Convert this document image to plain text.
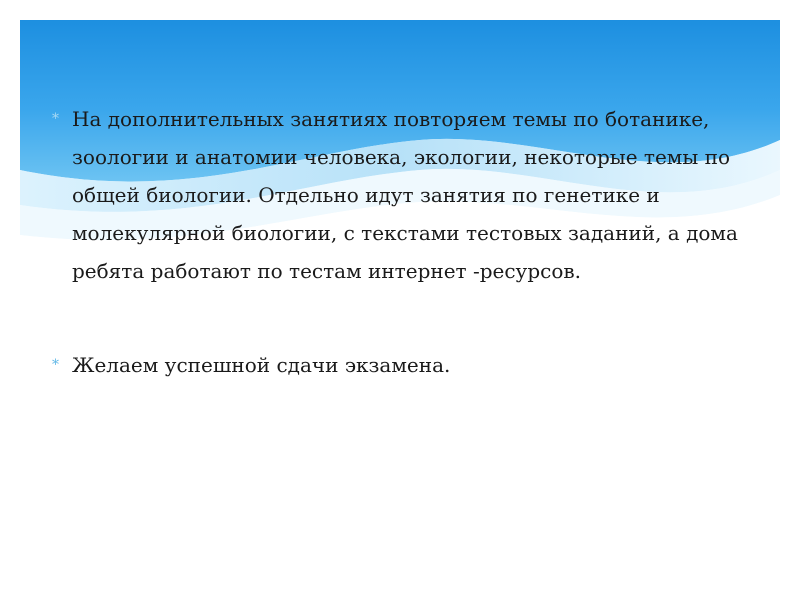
* На дополнительных занятиях повторяем темы по ботанике, зоологии и анатомии человека, экологии, некоторые темы по общей биологии. Отдельно идут занятия по генетике и молекулярной биологии, с текстами тестовых заданий, а дома ребята работают по тестам интернет -ресурсов.

* Желаем успешной сдачи экзамена.
